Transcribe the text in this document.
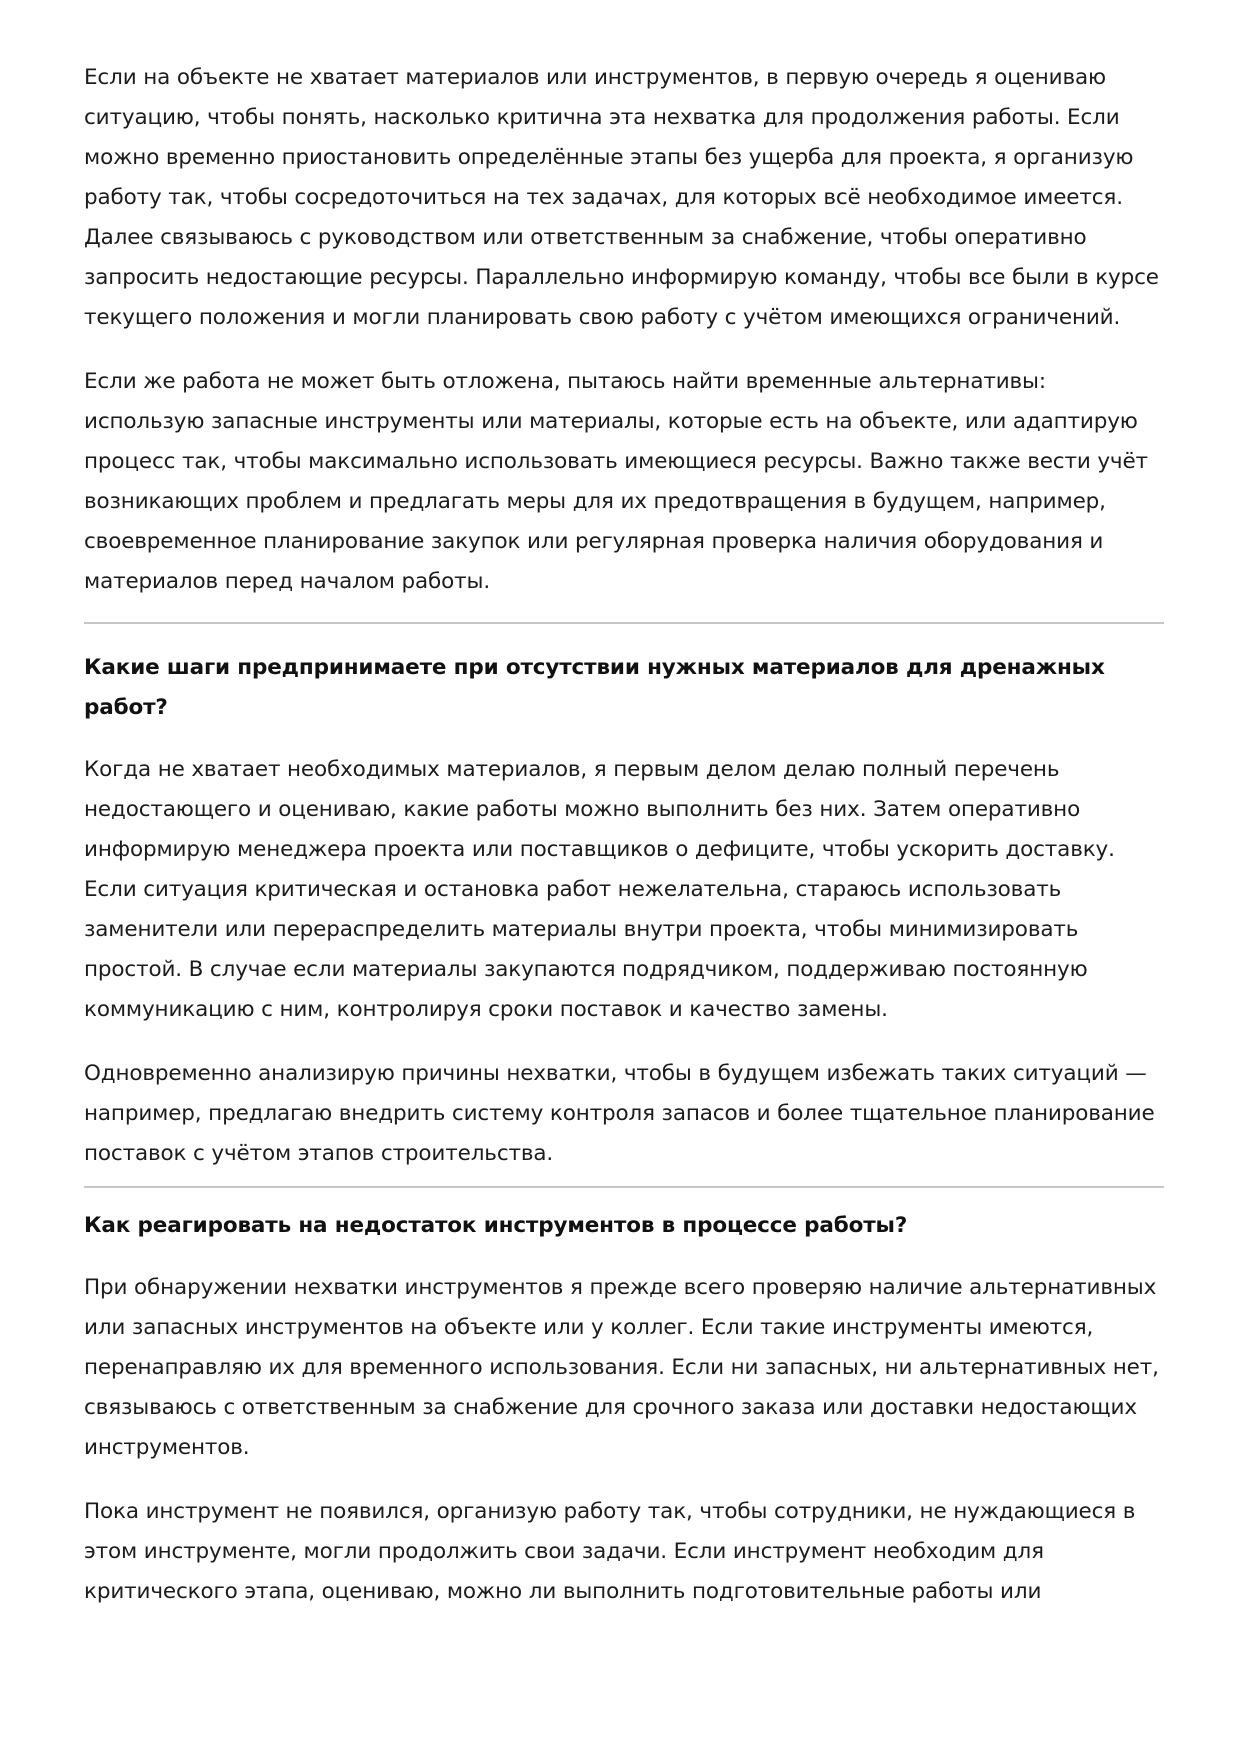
Если на объекте не хватает материалов или инструментов, в первую очередь я оцениваю ситуацию, чтобы понять, насколько критична эта нехватка для продолжения работы. Если можно временно приостановить определённые этапы без ущерба для проекта, я организую работу так, чтобы сосредоточиться на тех задачах, для которых всё необходимое имеется. Далее связываюсь с руководством или ответственным за снабжение, чтобы оперативно запросить недостающие ресурсы. Параллельно информирую команду, чтобы все были в курсе текущего положения и могли планировать свою работу с учётом имеющихся ограничений.

Если же работа не может быть отложена, пытаюсь найти временные альтернативы: использую запасные инструменты или материалы, которые есть на объекте, или адаптирую процесс так, чтобы максимально использовать имеющиеся ресурсы. Важно также вести учёт возникающих проблем и предлагать меры для их предотвращения в будущем, например, своевременное планирование закупок или регулярная проверка наличия оборудования и материалов перед началом работы.

Какие шаги предпринимаете при отсутствии нужных материалов для дренажных работ?

Когда не хватает необходимых материалов, я первым делом делаю полный перечень недостающего и оцениваю, какие работы можно выполнить без них. Затем оперативно информирую менеджера проекта или поставщиков о дефиците, чтобы ускорить доставку. Если ситуация критическая и остановка работ нежелательна, стараюсь использовать заменители или перераспределить материалы внутри проекта, чтобы минимизировать простой. В случае если материалы закупаются подрядчиком, поддерживаю постоянную коммуникацию с ним, контролируя сроки поставок и качество замены.

Одновременно анализирую причины нехватки, чтобы в будущем избежать таких ситуаций — например, предлагаю внедрить систему контроля запасов и более тщательное планирование поставок с учётом этапов строительства.

Как реагировать на недостаток инструментов в процессе работы?

При обнаружении нехватки инструментов я прежде всего проверяю наличие альтернативных или запасных инструментов на объекте или у коллег. Если такие инструменты имеются, перенаправляю их для временного использования. Если ни запасных, ни альтернативных нет, связываюсь с ответственным за снабжение для срочного заказа или доставки недостающих инструментов.

Пока инструмент не появился, организую работу так, чтобы сотрудники, не нуждающиеся в этом инструменте, могли продолжить свои задачи. Если инструмент необходим для критического этапа, оцениваю, можно ли выполнить подготовительные работы или
